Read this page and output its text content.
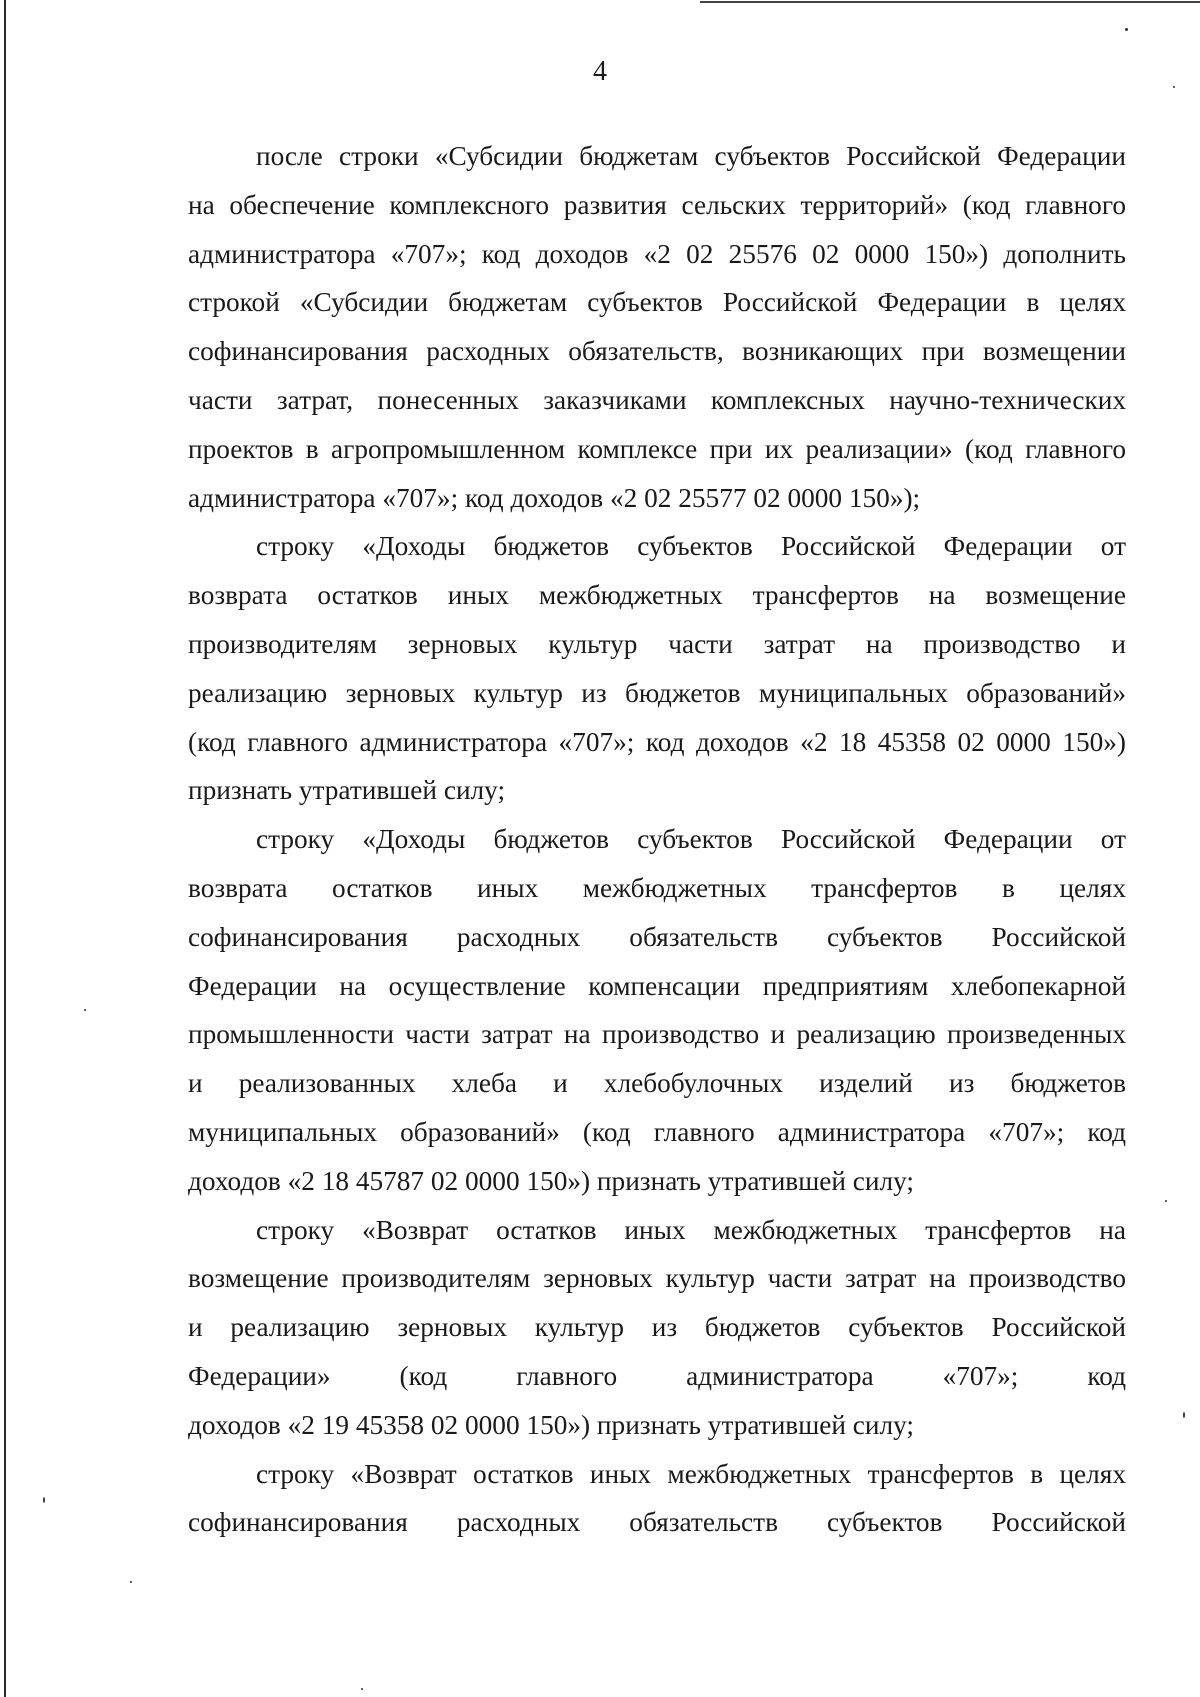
4

после строки «Субсидии бюджетам субъектов Российской Федерации
на обеспечение комплексного развития сельских территорий» (код главного
администратора «707»; код доходов «2 02 25576 02 0000 150») дополнить
строкой «Субсидии бюджетам субъектов Российской Федерации в целях
софинансирования расходных обязательств, возникающих при возмещении
части затрат, понесенных заказчиками комплексных научно-технических
проектов в агропромышленном комплексе при их реализации» (код главного
администратора «707»; код доходов «2 02 25577 02 0000 150»);

строку «Доходы бюджетов субъектов Российской Федерации от
возврата остатков иных межбюджетных трансфертов на возмещение
производителям зерновых культур части затрат на производство и
реализацию зерновых культур из бюджетов муниципальных образований»
(код главного администратора «707»; код доходов «2 18 45358 02 0000 150»)
признать утратившей силу;

строку «Доходы бюджетов субъектов Российской Федерации от
возврата остатков иных межбюджетных трансфертов в целях
софинансирования расходных обязательств субъектов Российской
Федерации на осуществление компенсации предприятиям хлебопекарной
промышленности части затрат на производство и реализацию произведенных
и реализованных хлеба и хлебобулочных изделий из бюджетов
муниципальных образований» (код главного администратора «707»; код
доходов «2 18 45787 02 0000 150») признать утратившей силу;

строку «Возврат остатков иных межбюджетных трансфертов на
возмещение производителям зерновых культур части затрат на производство
и реализацию зерновых культур из бюджетов субъектов Российской
Федерации» (код главного администратора «707»; код
доходов «2 19 45358 02 0000 150») признать утратившей силу;

строку «Возврат остатков иных межбюджетных трансфертов в целях
софинансирования расходных обязательств субъектов Российской
